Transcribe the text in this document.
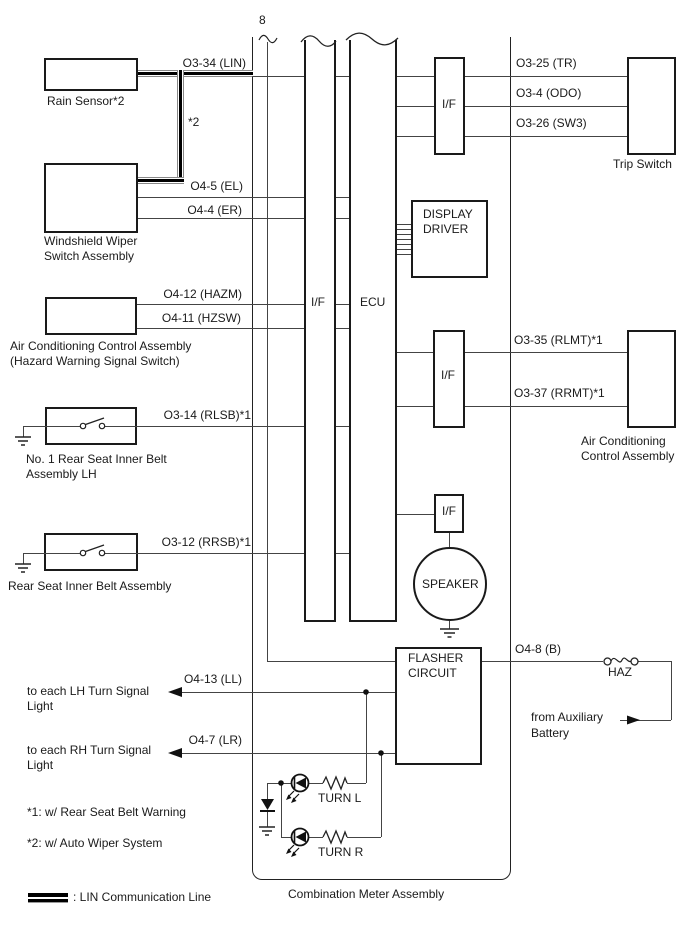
8
O3-34 (LIN)
*2
O4-5 (EL)
O4-4 (ER)
O4-12 (HAZM)
O4-11 (HZSW)
O3-14 (RLSB)*1
O3-12 (RRSB)*1
O4-13 (LL)
O4-7 (LR)
O3-25 (TR)
O3-4 (ODO)
O3-26 (SW3)
O3-35 (RLMT)*1
O3-37 (RRMT)*1
O4-8 (B)
HAZ
Rain Sensor*2
Windshield Wiper
Switch Assembly
Air Conditioning Control Assembly
(Hazard Warning Signal Switch)
No. 1 Rear Seat Inner Belt
Assembly LH
Rear Seat Inner Belt Assembly
Trip Switch
Air Conditioning
Control Assembly
I/F	ECU
I/F
I/F
I/F
DISPLAY
DRIVER
SPEAKER
FLASHER
CIRCUIT
to each LH Turn Signal
Light
to each RH Turn Signal
Light
from Auxiliary
Battery
TURN L
TURN R
*1: w/ Rear Seat Belt Warning
*2: w/ Auto Wiper System
: LIN Communication Line	Combination Meter Assembly
